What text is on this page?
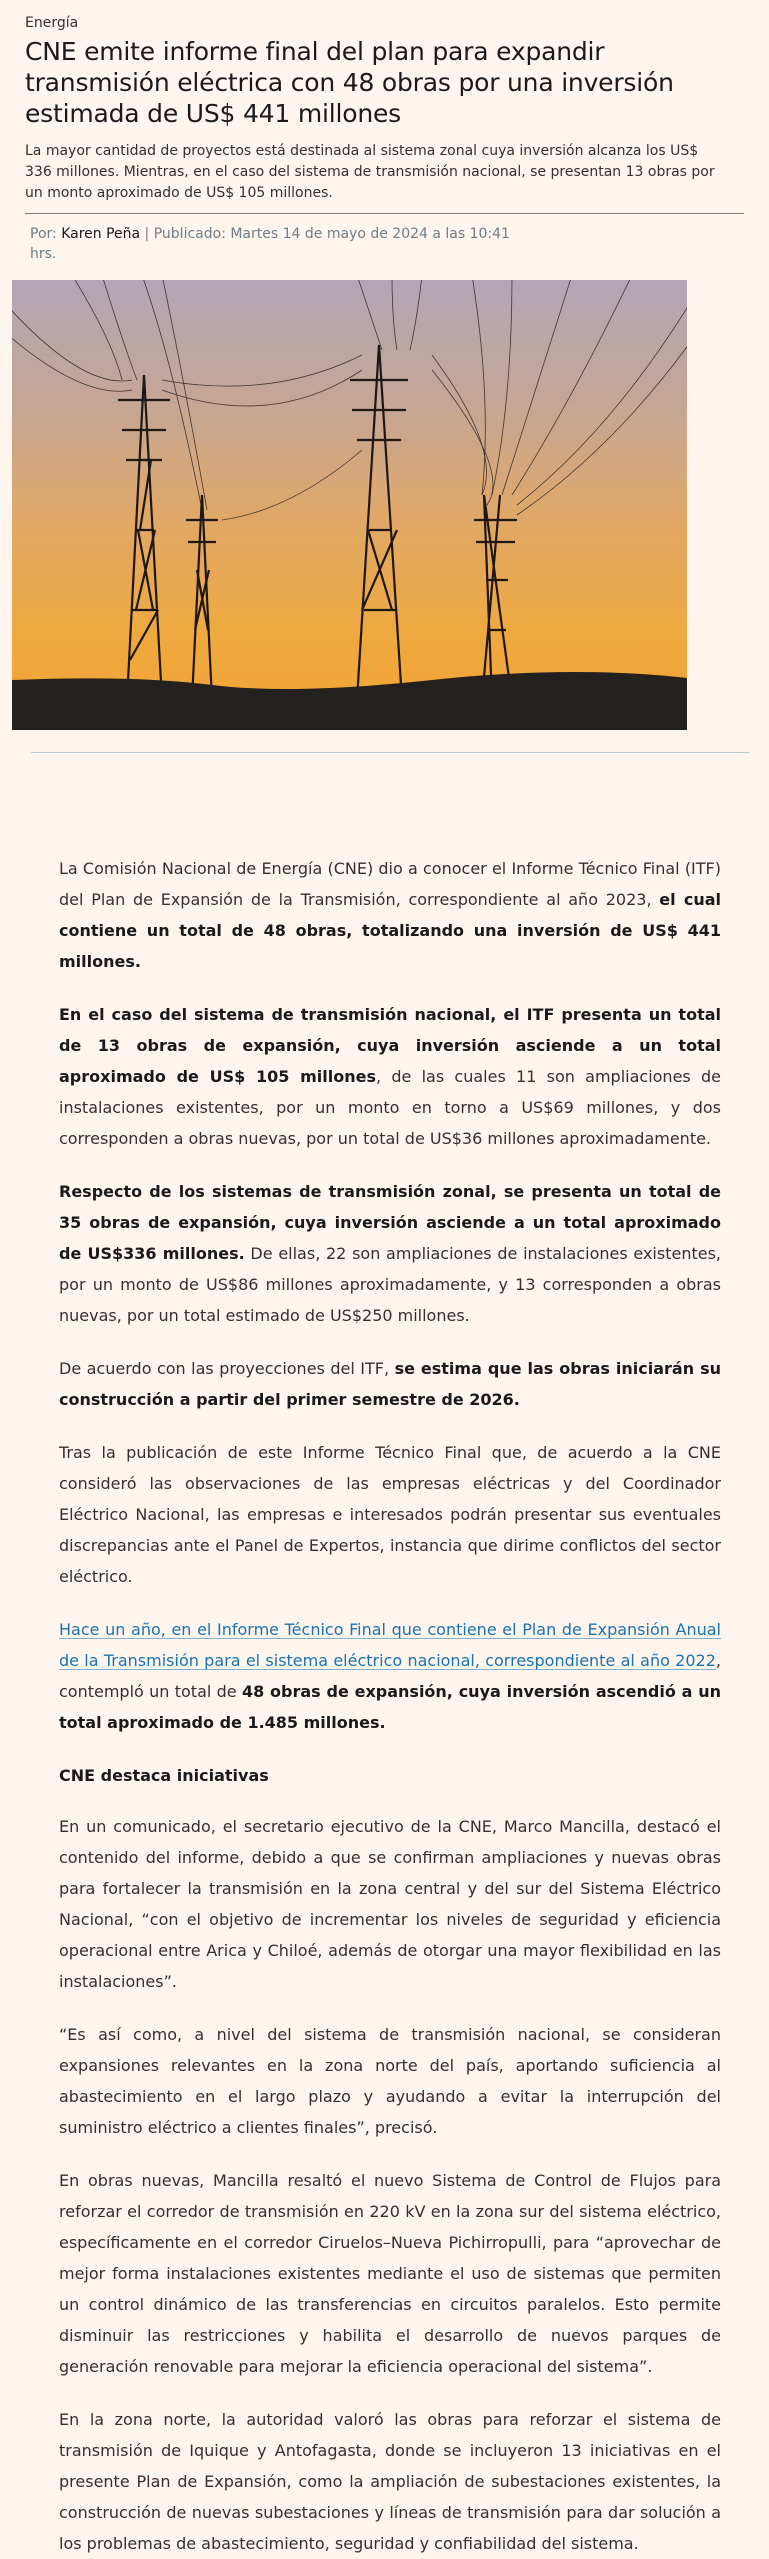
Energía
CNE emite informe final del plan para expandir transmisión eléctrica con 48 obras por una inversión estimada de US$ 441 millones

La mayor cantidad de proyectos está destinada al sistema zonal cuya inversión alcanza los US$ 336 millones. Mientras, en el caso del sistema de transmisión nacional, se presentan 13 obras por un monto aproximado de US$ 105 millones.

Por: Karen Peña | Publicado: Martes 14 de mayo de 2024 a las 10:41 hrs.

La Comisión Nacional de Energía (CNE) dio a conocer el Informe Técnico Final (ITF) del Plan de Expansión de la Transmisión, correspondiente al año 2023, el cual contiene un total de 48 obras, totalizando una inversión de US$ 441 millones.

En el caso del sistema de transmisión nacional, el ITF presenta un total de 13 obras de expansión, cuya inversión asciende a un total aproximado de US$ 105 millones, de las cuales 11 son ampliaciones de instalaciones existentes, por un monto en torno a US$69 millones, y dos corresponden a obras nuevas, por un total de US$36 millones aproximadamente.

Respecto de los sistemas de transmisión zonal, se presenta un total de 35 obras de expansión, cuya inversión asciende a un total aproximado de US$336 millones. De ellas, 22 son ampliaciones de instalaciones existentes, por un monto de US$86 millones aproximadamente, y 13 corresponden a obras nuevas, por un total estimado de US$250 millones.

De acuerdo con las proyecciones del ITF, se estima que las obras iniciarán su construcción a partir del primer semestre de 2026.

Tras la publicación de este Informe Técnico Final que, de acuerdo a la CNE consideró las observaciones de las empresas eléctricas y del Coordinador Eléctrico Nacional, las empresas e interesados podrán presentar sus eventuales discrepancias ante el Panel de Expertos, instancia que dirime conflictos del sector eléctrico.

Hace un año, en el Informe Técnico Final que contiene el Plan de Expansión Anual de la Transmisión para el sistema eléctrico nacional, correspondiente al año 2022, contempló un total de 48 obras de expansión, cuya inversión ascendió a un total aproximado de 1.485 millones.

CNE destaca iniciativas

En un comunicado, el secretario ejecutivo de la CNE, Marco Mancilla, destacó el contenido del informe, debido a que se confirman ampliaciones y nuevas obras para fortalecer la transmisión en la zona central y del sur del Sistema Eléctrico Nacional, “con el objetivo de incrementar los niveles de seguridad y eficiencia operacional entre Arica y Chiloé, además de otorgar una mayor flexibilidad en las instalaciones”.

“Es así como, a nivel del sistema de transmisión nacional, se consideran expansiones relevantes en la zona norte del país, aportando suficiencia al abastecimiento en el largo plazo y ayudando a evitar la interrupción del suministro eléctrico a clientes finales”, precisó.

En obras nuevas, Mancilla resaltó el nuevo Sistema de Control de Flujos para reforzar el corredor de transmisión en 220 kV en la zona sur del sistema eléctrico, específicamente en el corredor Ciruelos–Nueva Pichirropulli, para “aprovechar de mejor forma instalaciones existentes mediante el uso de sistemas que permiten un control dinámico de las transferencias en circuitos paralelos. Esto permite disminuir las restricciones y habilita el desarrollo de nuevos parques de generación renovable para mejorar la eficiencia operacional del sistema”.

En la zona norte, la autoridad valoró las obras para reforzar el sistema de transmisión de Iquique y Antofagasta, donde se incluyeron 13 iniciativas en el presente Plan de Expansión, como la ampliación de subestaciones existentes, la construcción de nuevas subestaciones y líneas de transmisión para dar solución a los problemas de abastecimiento, seguridad y confiabilidad del sistema.
